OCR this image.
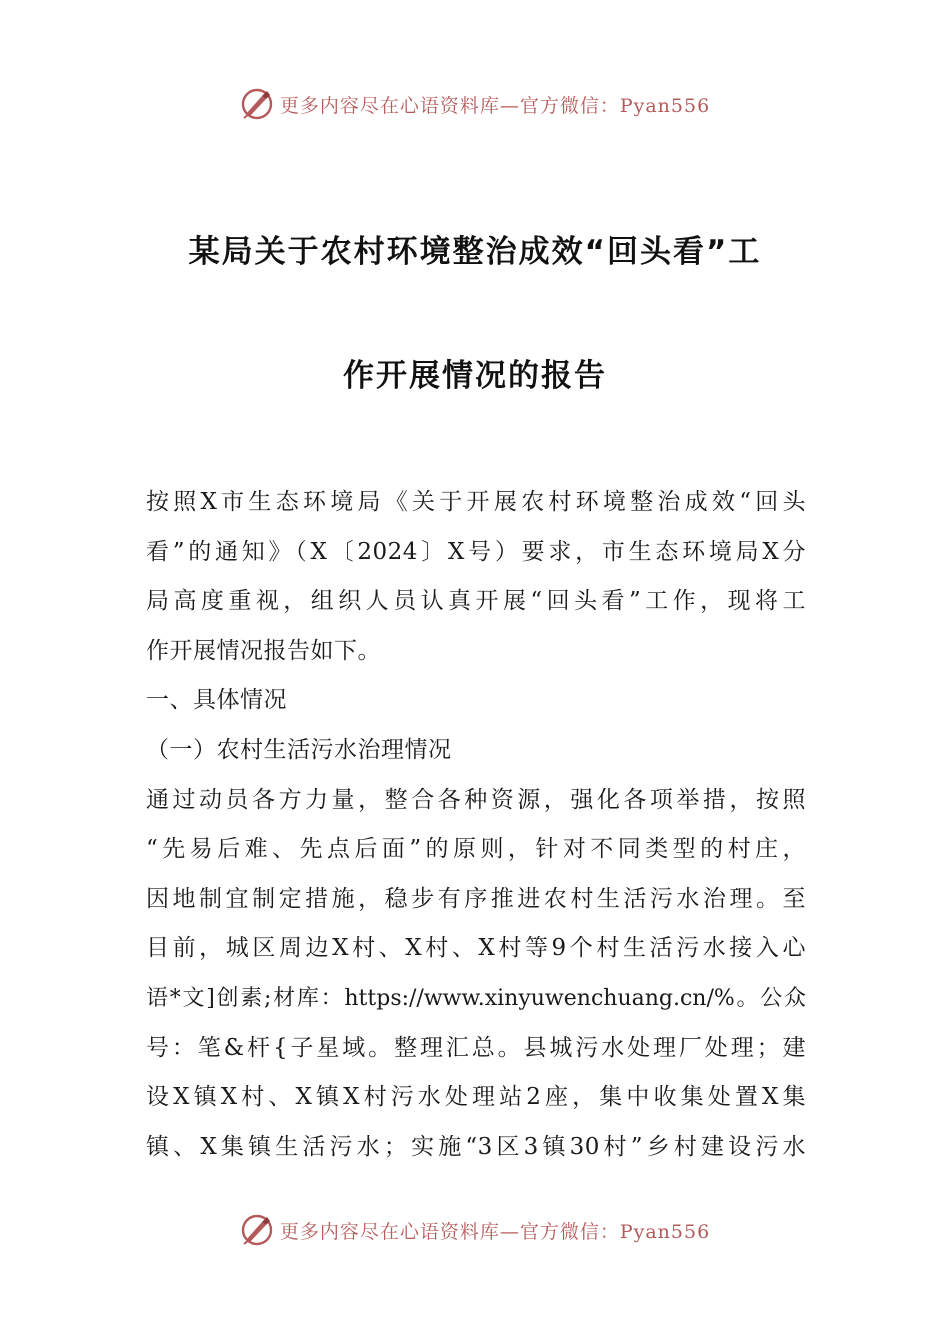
更多内容尽在心语资料库—官方微信：Pyan556
某局关于农村环境整治成效“回头看”工
作开展情况的报告
按照X市生态环境局《关于开展农村环境整治成效“回头
看”的通知》（X〔2024〕X号）要求，市生态环境局X分
局高度重视，组织人员认真开展“回头看”工作，现将工
作开展情况报告如下。
一、具体情况
（一）农村生活污水治理情况
通过动员各方力量，整合各种资源，强化各项举措，按照
“先易后难、先点后面”的原则，针对不同类型的村庄，
因地制宜制定措施，稳步有序推进农村生活污水治理。至
目前，城区周边X村、X村、X村等9个村生活污水接入心
语*文]创素;材库：https://www.xinyuwenchuang.cn/%。公众
号：笔&杆{子星域。整理汇总。县城污水处理厂处理；建
设X镇X村、X镇X村污水处理站2座，集中收集处置X集
镇、X集镇生活污水；实施“3区3镇30村”乡村建设污水
更多内容尽在心语资料库—官方微信：Pyan556
